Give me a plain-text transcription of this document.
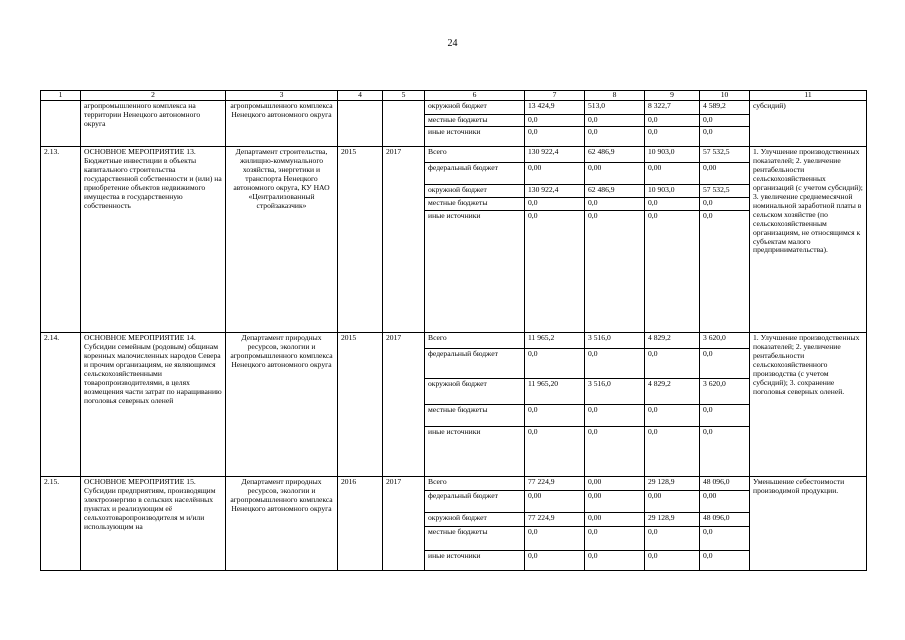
24
1	2	3	4	5	6	7	8	9	10	11
	агропромышленного комплекса на территории Ненецкого автономного округа	агропромышленного комплекса Ненецкого автономного округа			окружной бюджет	13 424,9	513,0	8 322,7	4 589,2	субсидий)
					местные бюджеты	0,0	0,0	0,0	0,0	
					иные источники	0,0	0,0	0,0	0,0	
2.13.	ОСНОВНОЕ МЕРОПРИЯТИЕ 13. Бюджетные инвестиции в объекты капитального строительства государственной собственности и (или) на приобретение объектов недвижимого имущества в государственную собственность	Департамент строительства, жилищно-коммунального хозяйства, энергетики и транспорта Ненецкого автономного округа, КУ НАО «Централизованный стройзаказчик»	2015	2017	Всего	130 922,4	62 486,9	10 903,0	57 532,5	1. Улучшение производственных показателей; 2. увеличение рентабельности сельскохозяйственных организаций (с учетом субсидий); 3. увеличение среднемесячной номинальной заработной платы в сельском хозяйстве (по сельскохозяйственным организациям, не относящимся к субъектам малого предпринимательства).
					федеральный бюджет	0,00	0,00	0,00	0,00	
					окружной бюджет	130 922,4	62 486,9	10 903,0	57 532,5	
					местные бюджеты	0,0	0,0	0,0	0,0	
					иные источники	0,0	0,0	0,0	0,0	
2.14.	ОСНОВНОЕ МЕРОПРИЯТИЕ 14. Субсидии семейным (родовым) общинам коренных малочисленных народов Севера и прочим организациям, не являющимся сельскохозяйственными товаропроизводителями, в целях возмещения части затрат по наращиванию поголовья северных оленей	Департамент природных ресурсов, экологии и агропромышленного комплекса Ненецкого автономного округа	2015	2017	Всего	11 965,2	3 516,0	4 829,2	3 620,0	1. Улучшение производственных показателей; 2. увеличение рентабельности сельскохозяйственного производства (с учетом субсидий); 3. сохранение поголовья северных оленей.
					федеральный бюджет	0,0	0,0	0,0	0,0	
					окружной бюджет	11 965,20	3 516,0	4 829,2	3 620,0	
					местные бюджеты	0,0	0,0	0,0	0,0	
					иные источники	0,0	0,0	0,0	0,0	
2.15.	ОСНОВНОЕ МЕРОПРИЯТИЕ 15. Субсидии предприятиям, производящим электроэнергию в сельских населённых пунктах и реализующим её сельхозтоваропроизводителя м и/или использующим на	Департамент природных ресурсов, экологии и агропромышленного комплекса Ненецкого автономного округа	2016	2017	Всего	77 224,9	0,00	29 128,9	48 096,0	Уменьшение себестоимости производимой продукции.
					федеральный бюджет	0,00	0,00	0,00	0,00	
					окружной бюджет	77 224,9	0,00	29 128,9	48 096,0	
					местные бюджеты	0,0	0,0	0,0	0,0	
					иные источники	0,0	0,0	0,0	0,0	
